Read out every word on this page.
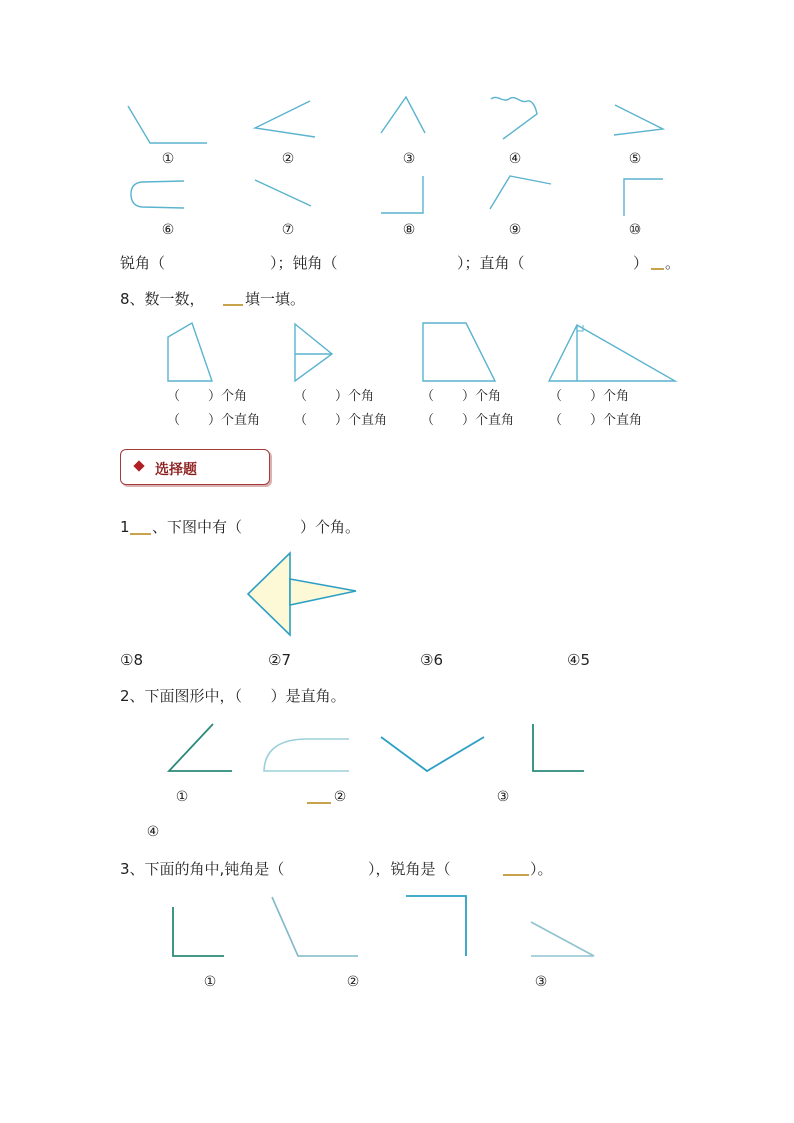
①	②	③	④	⑤
⑥	⑦	⑧	⑨	⑩
锐角（	）；钝角（	）；直角（	） 。
8、数一数，	填一填。
（ ）个角
（ ）个直角
（ ）个角
（ ）个直角
（ ）个角
（ ）个直角
（ ）个角
（ ）个直角
选择题
1 、下图中有（	）个角。
①8	②7	③6	④5
2、下面图形中，（      ）是直角。
①	②	③
④
3、下面的角中,钝角是（	），锐角是（	）。
①	②	③
